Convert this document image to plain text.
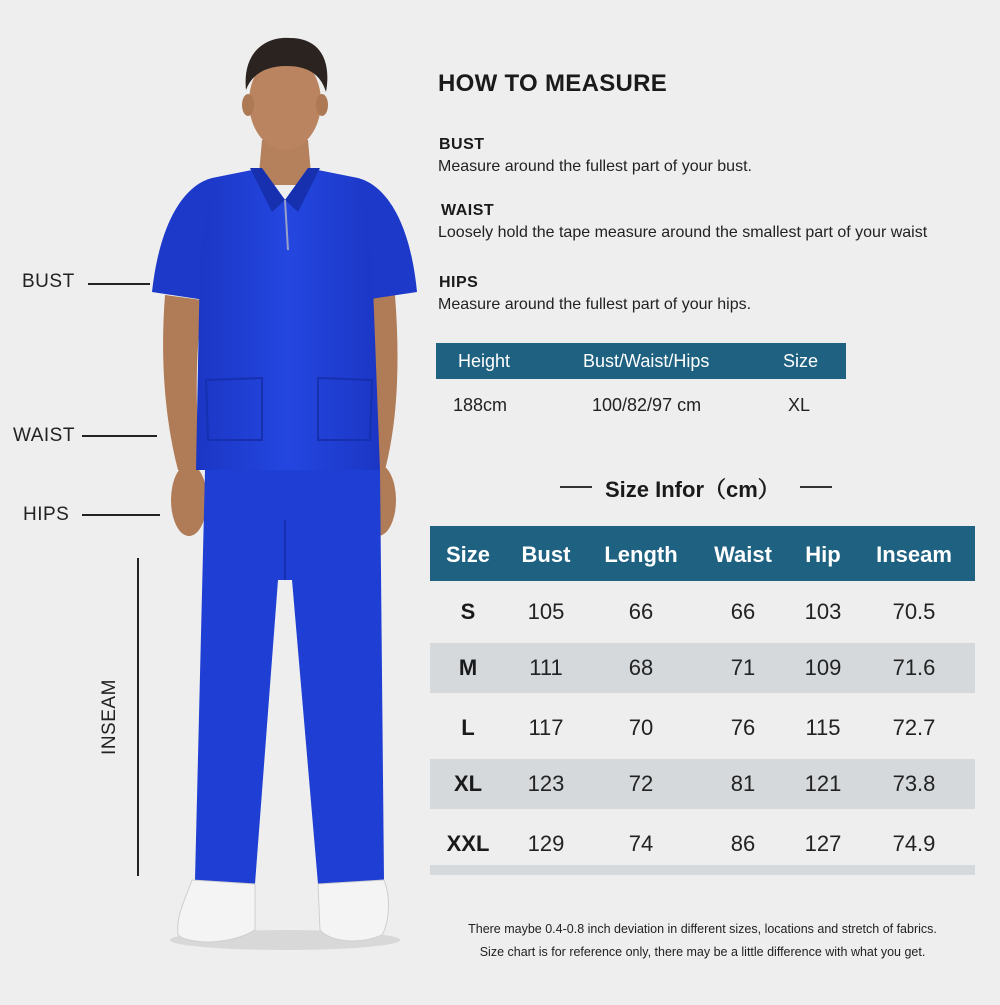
BUST
WAIST
HIPS
INSEAM
HOW TO MEASURE
BUST
Measure around the fullest part of your bust.
WAIST
Loosely hold the tape measure around the smallest part of your waist
HIPS
Measure around the fullest part of your hips.
Height	Bust/Waist/Hips	Size
188cm	100/82/97 cm	XL
Size Infor（cm）
Size	Bust	Length	Waist	Hip	Inseam
S	105	66	66	103	70.5
M	111	68	71	109	71.6
L	117	70	76	115	72.7
XL	123	72	81	121	73.8
XXL	129	74	86	127	74.9
There maybe 0.4-0.8 inch deviation in different sizes, locations and stretch of fabrics.
Size chart is for reference only, there may be a little difference with what you get.
